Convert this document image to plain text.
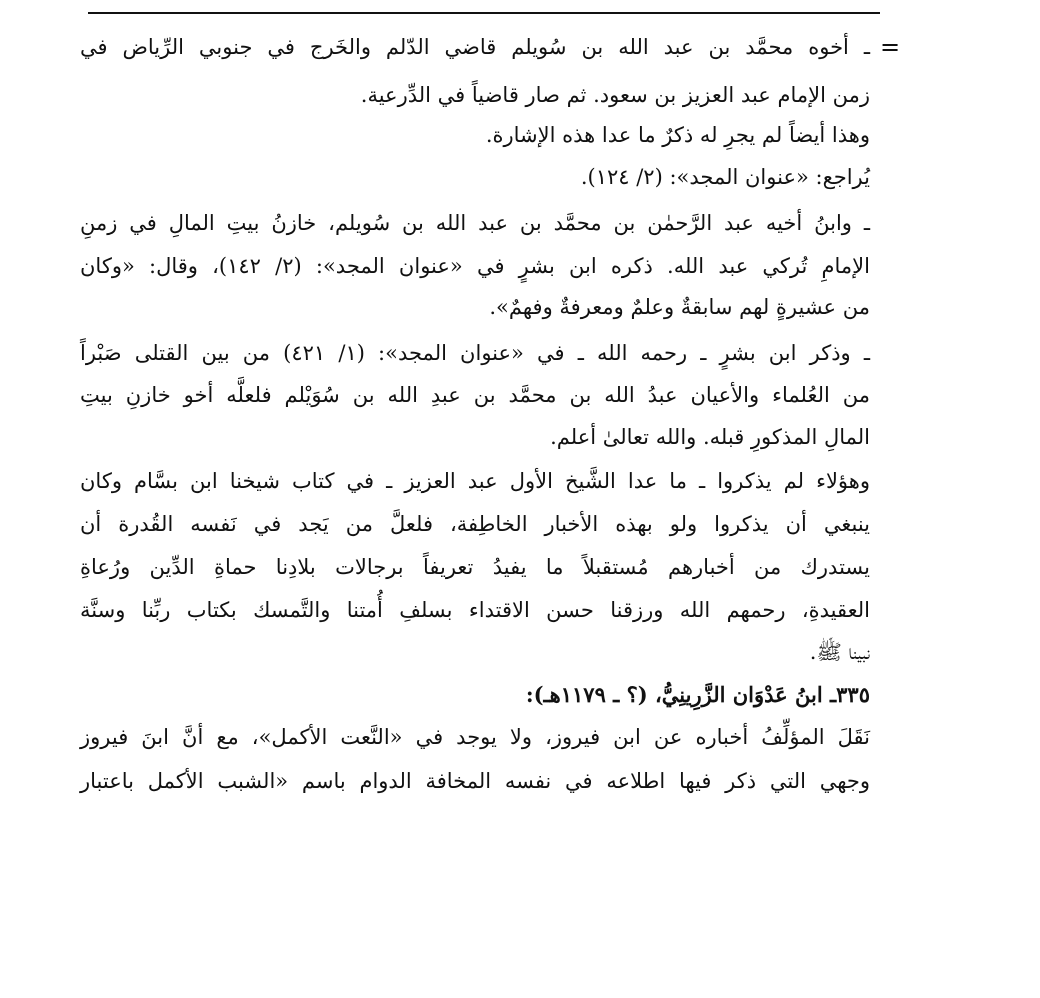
=
ـ أخوه محمَّد بن عبد الله بن سُويلم قاضي الدّلم والخَرج في جنوبي الرِّياض في
زمن الإمام عبد العزيز بن سعود. ثم صار قاضياً في الدِّرعية.
وهذا أيضاً لم يجرِ له ذكرٌ ما عدا هذه الإشارة.
يُراجع: «عنوان المجد»: (٢/ ١٢٤).
ـ وابنُ أخيه عبد الرَّحمٰن بن محمَّد بن عبد الله بن سُويلم، خازنُ بيتِ المالِ في زمنِ
الإمامِ تُركي عبد الله. ذكره ابن بشرٍ في «عنوان المجد»: (٢/ ١٤٢)، وقال: «وكان
من عشيرةٍ لهم سابقةٌ وعلمٌ ومعرفةٌ وفهمٌ».
ـ وذكر ابن بشرٍ ـ رحمه الله ـ في «عنوان المجد»: (١/ ٤٢١) من بين القتلى صَبْراً
من العُلماء والأعيان عبدُ الله بن محمَّد بن عبدِ الله بن سُوَيْلم فلعلَّه أخو خازنِ بيتِ
المالِ المذكورِ قبله. والله تعالىٰ أعلم.
وهؤلاء لم يذكروا ـ ما عدا الشَّيخ الأول عبد العزيز ـ في كتاب شيخنا ابن بسَّام وكان
ينبغي أن يذكروا ولو بهذه الأخبار الخاطِفة، فلعلَّ من يَجد في نَفسه القُدرة أن
يستدرك من أخبارهم مُستقبلاً ما يفيدُ تعريفاً برجالات بلادِنا حماةِ الدِّين ورُعاةِ
العقيدةِ، رحمهم الله ورزقنا حسن الاقتداء بسلفِ أُمتنا والتَّمسك بكتاب ربِّنا وسنَّة
نبينا ﷺ.
٣٣٥ـ ابنُ عَدْوَان الزَّرِينِيُّ، (؟ ـ ١١٧٩هـ):
نَقَلَ المؤلِّفُ أخباره عن ابن فيروز، ولا يوجد في «النَّعت الأكمل»، مع أنَّ ابنَ فيروز
وجهي التي ذكر فيها اطلاعه في نفسه المخافة الدوام باسم «الشبب الأكمل باعتبار
